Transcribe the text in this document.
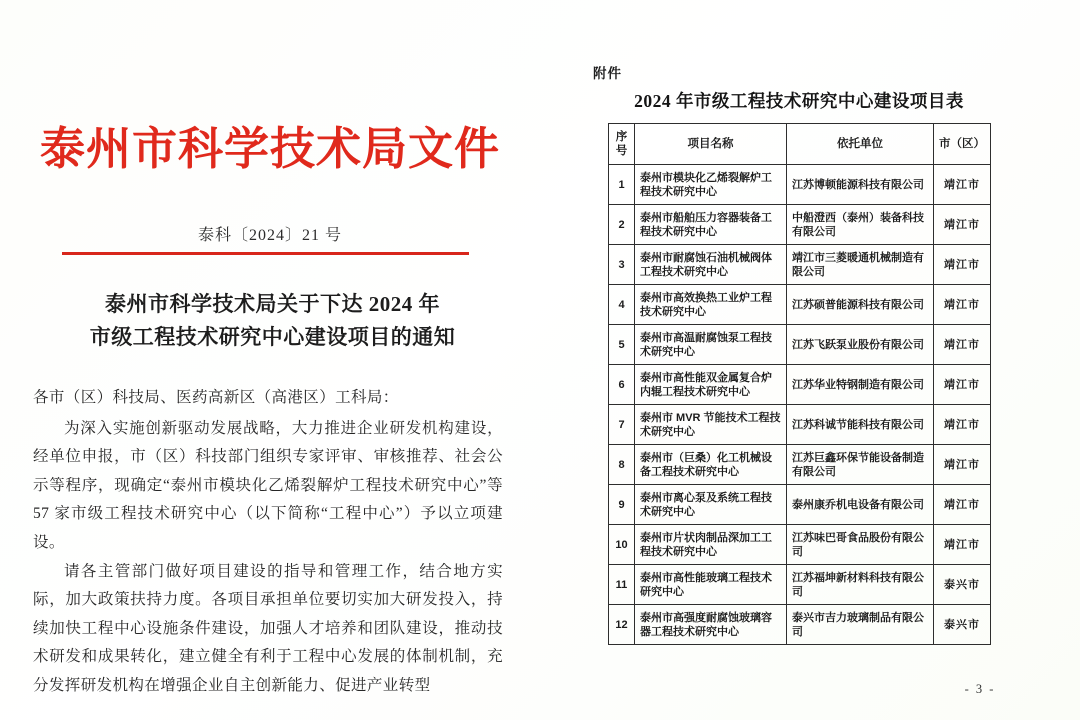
泰州市科学技术局文件
泰科〔2024〕21 号
泰州市科学技术局关于下达 2024 年
市级工程技术研究中心建设项目的通知

各市（区）科技局、医药高新区（高港区）工科局：

为深入实施创新驱动发展战略，大力推进企业研发机构建设，经单位申报，市（区）科技部门组织专家评审、审核推荐、社会公示等程序，现确定“泰州市模块化乙烯裂解炉工程技术研究中心”等 57 家市级工程技术研究中心（以下简称“工程中心”）予以立项建设。

请各主管部门做好项目建设的指导和管理工作，结合地方实际，加大政策扶持力度。各项目承担单位要切实加大研发投入，持续加快工程中心设施条件建设，加强人才培养和团队建设，推动技术研发和成果转化，建立健全有利于工程中心发展的体制机制，充分发挥研发机构在增强企业自主创新能力、促进产业转型

附件
2024 年市级工程技术研究中心建设项目表
序号	项目名称	依托单位	市（区）
1	泰州市模块化乙烯裂解炉工程技术研究中心	江苏博顿能源科技有限公司	靖江市
2	泰州市船舶压力容器装备工程技术研究中心	中船澄西（泰州）装备科技有限公司	靖江市
3	泰州市耐腐蚀石油机械阀体工程技术研究中心	靖江市三菱暖通机械制造有限公司	靖江市
4	泰州市高效换热工业炉工程技术研究中心	江苏硕普能源科技有限公司	靖江市
5	泰州市高温耐腐蚀泵工程技术研究中心	江苏飞跃泵业股份有限公司	靖江市
6	泰州市高性能双金属复合炉内辊工程技术研究中心	江苏华业特钢制造有限公司	靖江市
7	泰州市 MVR 节能技术工程技术研究中心	江苏科诚节能科技有限公司	靖江市
8	泰州市（巨桑）化工机械设备工程技术研究中心	江苏巨鑫环保节能设备制造有限公司	靖江市
9	泰州市离心泵及系统工程技术研究中心	泰州康乔机电设备有限公司	靖江市
10	泰州市片状肉制品深加工工程技术研究中心	江苏味巴哥食品股份有限公司	靖江市
11	泰州市高性能玻璃工程技术研究中心	江苏福坤新材料科技有限公司	泰兴市
12	泰州市高强度耐腐蚀玻璃容器工程技术研究中心	泰兴市吉力玻璃制品有限公司	泰兴市
- 3 -
